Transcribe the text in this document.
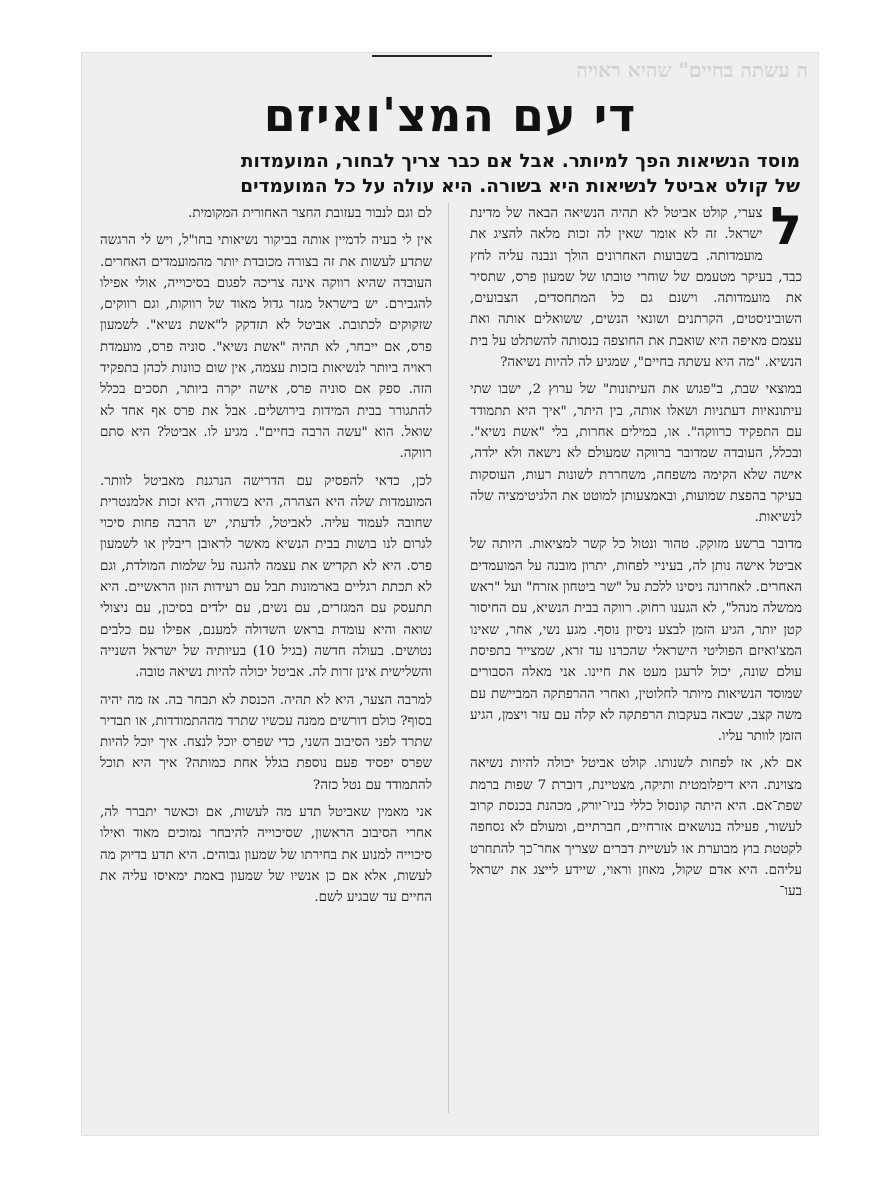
ה עשתה בחיים" שהיא ראויה
די עם המצ'ואיזם
מוסד הנשיאות הפך למיותר. אבל אם כבר צריך לבחור, המועמדות
של קולט אביטל לנשיאות היא בשורה. היא עולה על כל המועמדים
ל

צערי, קולט אביטל לא תהיה הנשיאה הבאה של מדינת ישראל. זה לא אומר שאין לה זכות מלאה להציג את מועמדותה. בשבועות האחרונים הולך ונבנה עליה לחץ כבד, בעיקר מטעמם של שוחרי טובתו של שמעון פרס, שתסיר את מועמדותה. וישנם גם כל המתחסדים, הצבועים, השוביניסטים, הקרתנים ושונאי הנשים, ששואלים אותה ואת עצמם מאיפה היא שואבת את החוצפה בנסותה להשתלט על בית הנשיא. "מה היא עשתה בחיים", שמגיע לה להיות נשיאה?

במוצאי שבת, ב"פגוש את העיתונות" של ערוץ 2, ישבו שתי עיתונאיות דעתניות ושאלו אותה, בין היתר, "איך היא תתמודד עם התפקיד כרווקה". או, במילים אחרות, בלי "אשת נשיא". ובכלל, העובדה שמדובר ברווקה שמעולם לא נישאה ולא ילדה, אישה שלא הקימה משפחה, משחררת לשונות רעות, העוסקות בעיקר בהפצת שמועות, ובאמצעותן למוטט את הלגיטימציה שלה לנשיאות.

מדובר ברשע מזוקק. טהור ונטול כל קשר למציאות. היותה של אביטל אישה נותן לה, בעיניי לפחות, יתרון מובנה על המועמדים האחרים. לאחרונה ניסינו ללכת על "שר ביטחון אזרח" ועל "ראש ממשלה מנהל", לא הגענו רחוק. רווקה בבית הנשיא, עם החיסור קטן יותר, הגיע הזמן לבצע ניסיון נוסף. מגע נשי, אחר, שאינו המצ'ואיזם הפוליטי הישראלי שהכרנו עד זרא, שמצייר בתפיסת עולם שונה, יכול לרעגן מעט את חיינו. אני מאלה הסבורים שמוסד הנשיאות מיותר לחלוטין, ואחרי ההרפתקה המביישת עם משה קצב, שבאה בעקבות הרפתקה לא קלה עם עזר ויצמן, הגיע הזמן לוותר עליו.

אם לא, אז לפחות לשנותו. קולט אביטל יכולה להיות נשיאה מצוינת. היא דיפלומטית ותיקה, מצטיינת, דוברת 7 שפות ברמת שפת־אם. היא היתה קונסול כללי בניו־יורק, מכהנת בכנסת קרוב לעשור, פעילה בנושאים אזרחיים, חברתיים, ומעולם לא נסחפה לקטטת בוץ מבוערת או לעשיית דברים שצריך אחר־כך להתחרט עליהם. היא אדם שקול, מאוזן וראוי, שיידע לייצג את ישראל בעו־

לם וגם לנבור בעזובת החצר האחורית המקומית.

אין לי בעיה לדמיין אותה בביקור נשיאותי בחו"ל, ויש לי הרגשה שתדע לעשות את זה בצורה מכובדת יותר מהמועמדים האחרים. העובדה שהיא רווקה אינה צריכה לפגום בסיכוייה, אולי אפילו להגבירם. יש בישראל מגזר גדול מאוד של רווקות, וגם רווקים, שזקוקים לכתובת. אביטל לא תזדקק ל"אשת נשיא". לשמעון פרס, אם ייבחר, לא תהיה "אשת נשיא". סוניה פרס, מועמדת ראויה ביותר לנשיאות בזכות עצמה, אין שום כוונות לכהן בתפקיד הזה. ספק אם סוניה פרס, אישה יקרה ביותר, תסכים בכלל להתגורר בבית המידות בירושלים. אבל את פרס אף אחד לא שואל. הוא "עשה הרבה בחיים". מגיע לו. אביטל? היא סתם רווקה.

לכן, כדאי להפסיק עם הדרישה הנרגנת מאביטל לוותר. המועמדות שלה היא הצהרה, היא בשורה, היא זכות אלמנטרית שחובה לעמוד עליה. לאביטל, לדעתי, יש הרבה פחות סיכוי לגרום לנו בושות בבית הנשיא מאשר לראובן ריבלין או לשמעון פרס. היא לא תקדיש את עצמה להגנה על שלמות המולדת, וגם לא תכתת רגליים בארמונות תבל עם רעידות הזון הראשיים. היא תתעסק עם המגזרים, עם נשים, עם ילדים בסיכון, עם ניצולי שואה והיא עומדת בראש השדולה למענם, אפילו עם כלבים נטושים. בעולה חדשה (בגיל 10) בעיותיה של ישראל השנייה והשלישית אינן זרות לה. אביטל יכולה להיות נשיאה טובה.

למרבה הצער, היא לא תהיה. הכנסת לא תבחר בה. אז מה יהיה בסוף? כולם דורשים ממנה עכשיו שתרד מההתמודדות, או תבדיר שתרד לפני הסיבוב השני, כדי שפרס יוכל לנצח. איך יוכל להיות שפרס יפסיד פעם נוספת בגלל אחת כמותה? איך היא תוכל להתמודד עם נטל כזה?

אני מאמין שאביטל תדע מה לעשות, אם וכאשר יתברר לה, אחרי הסיבוב הראשון, שסיכוייה להיבחר נמוכים מאוד ואילו סיכוייה למנוע את בחירתו של שמעון גבוהים. היא תדע בדיוק מה לעשות, אלא אם כן אנשיו של שמעון באמת ימאיסו עליה את החיים עד שבגיע לשם.
